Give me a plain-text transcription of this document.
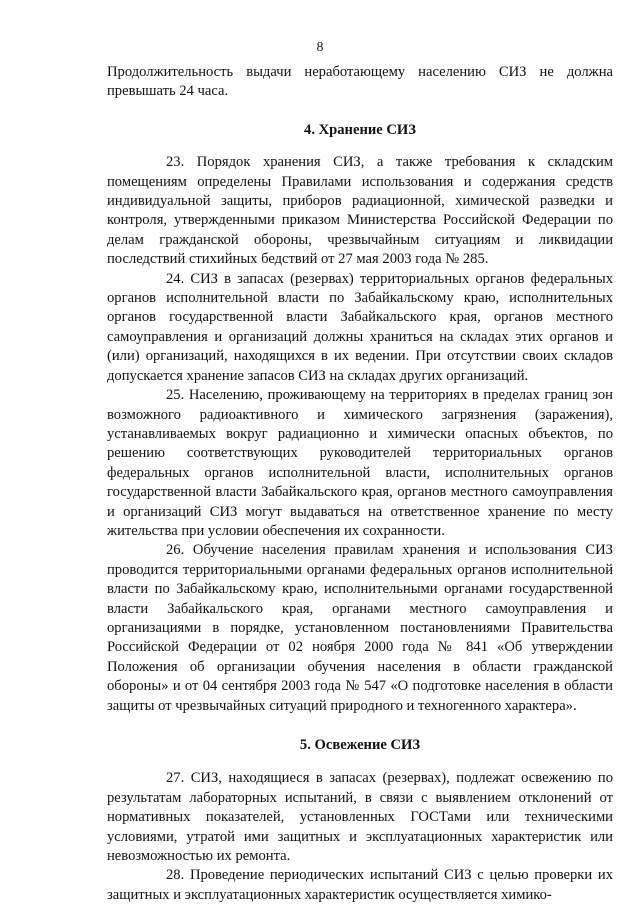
8

Продолжительность выдачи неработающему населению СИЗ не должна превышать 24 часа.

4. Хранение СИЗ

23. Порядок хранения СИЗ, а также требования к складским помещениям определены Правилами использования и содержания средств индивидуальной защиты, приборов радиационной, химической разведки и контроля, утвержденными приказом Министерства Российской Федерации по делам гражданской обороны, чрезвычайным ситуациям и ликвидации последствий стихийных бедствий от 27 мая 2003 года № 285.

24. СИЗ в запасах (резервах) территориальных органов федеральных органов исполнительной власти по Забайкальскому краю, исполнительных органов государственной власти Забайкальского края, органов местного самоуправления и организаций должны храниться на складах этих органов и (или) организаций, находящихся в их ведении. При отсутствии своих складов допускается хранение запасов СИЗ на складах других организаций.

25. Населению, проживающему на территориях в пределах границ зон возможного радиоактивного и химического загрязнения (заражения), устанавливаемых вокруг радиационно и химически опасных объектов, по решению соответствующих руководителей территориальных органов федеральных органов исполнительной власти, исполнительных органов государственной власти Забайкальского края, органов местного самоуправления и организаций СИЗ могут выдаваться на ответственное хранение по месту жительства при условии обеспечения их сохранности.

26. Обучение населения правилам хранения и использования СИЗ проводится территориальными органами федеральных органов исполнительной власти по Забайкальскому краю, исполнительными органами государственной власти Забайкальского края, органами местного самоуправления и организациями в порядке, установленном постановлениями Правительства Российской Федерации от 02 ноября 2000 года № 841 «Об утверждении Положения об организации обучения населения в области гражданской обороны» и от 04 сентября 2003 года № 547 «О подготовке населения в области защиты от чрезвычайных ситуаций природного и техногенного характера».

5. Освежение СИЗ

27. СИЗ, находящиеся в запасах (резервах), подлежат освежению по результатам лабораторных испытаний, в связи с выявлением отклонений от нормативных показателей, установленных ГОСТами или техническими условиями, утратой ими защитных и эксплуатационных характеристик или невозможностью их ремонта.

28. Проведение периодических испытаний СИЗ с целью проверки их защитных и эксплуатационных характеристик осуществляется химико-
